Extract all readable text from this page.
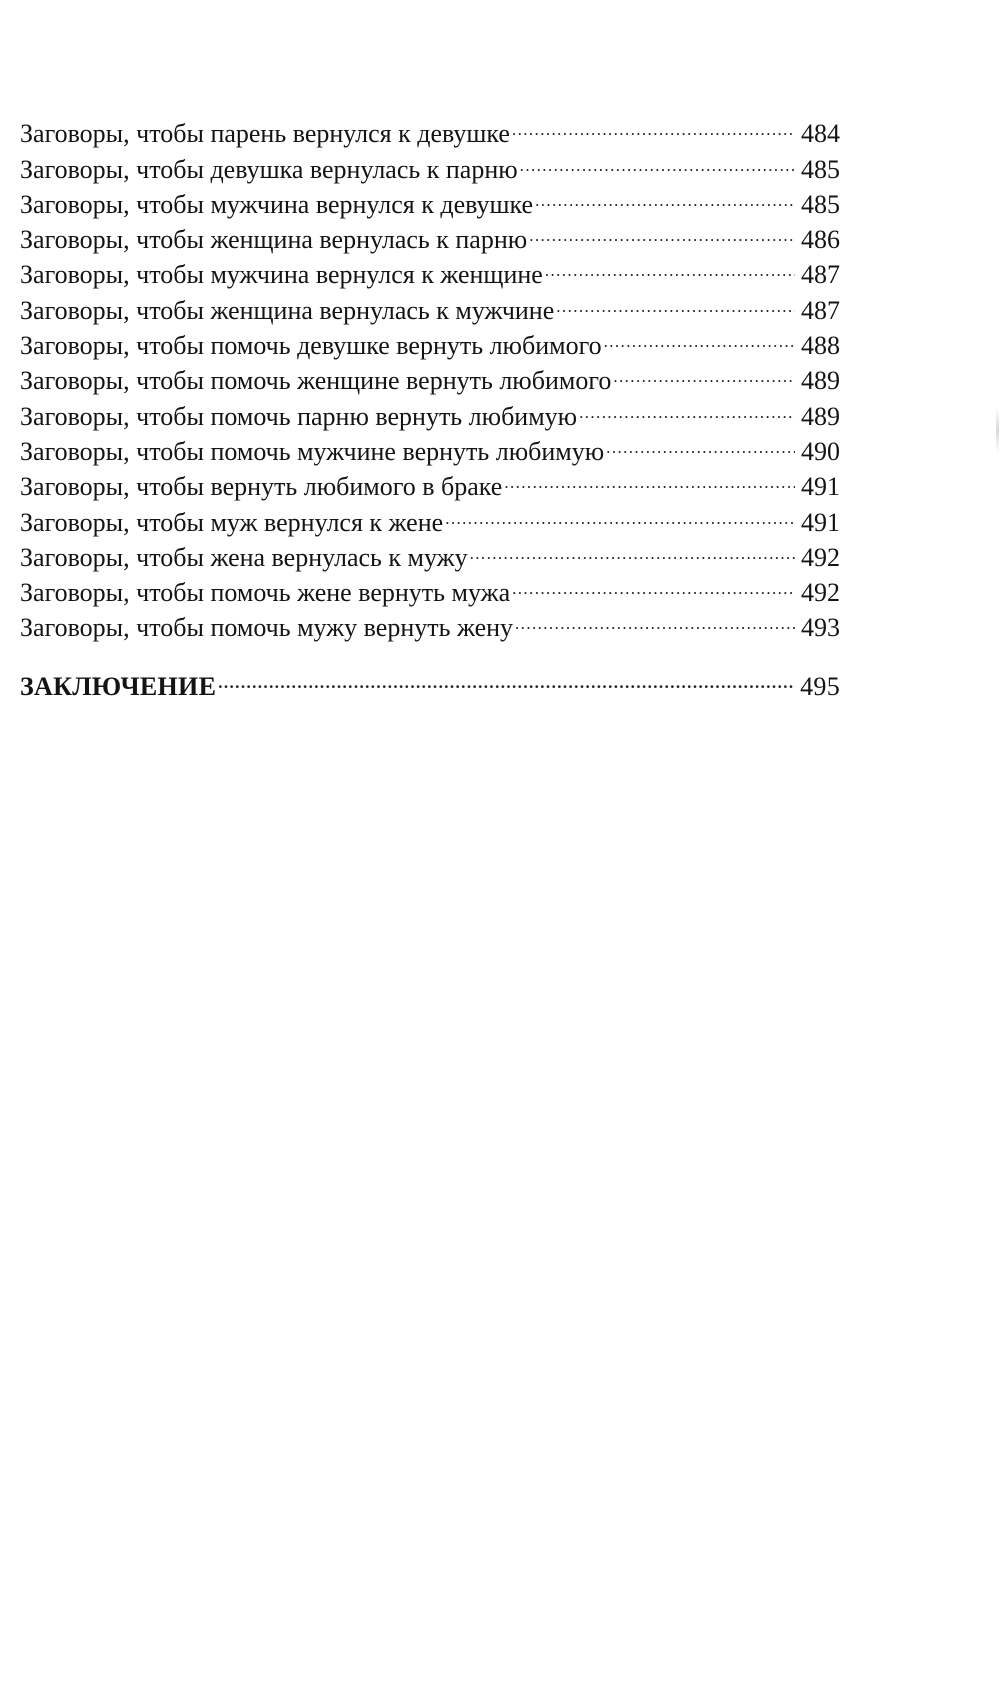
Заговоры, чтобы парень вернулся к девушке .....	484
Заговоры, чтобы девушка вернулась к парню .....	485
Заговоры, чтобы мужчина вернулся к девушке .....	485
Заговоры, чтобы женщина вернулась к парню .....	486
Заговоры, чтобы мужчина вернулся к женщине .....	487
Заговоры, чтобы женщина вернулась к мужчине .....	487
Заговоры, чтобы помочь девушке вернуть любимого .....	488
Заговоры, чтобы помочь женщине вернуть любимого .....	489
Заговоры, чтобы помочь парню вернуть любимую .....	489
Заговоры, чтобы помочь мужчине вернуть любимую .....	490
Заговоры, чтобы вернуть любимого в браке .....	491
Заговоры, чтобы муж вернулся к жене .....	491
Заговоры, чтобы жена вернулась к мужу .....	492
Заговоры, чтобы помочь жене вернуть мужа .....	492
Заговоры, чтобы помочь мужу вернуть жену .....	493
ЗАКЛЮЧЕНИЕ .....	495
